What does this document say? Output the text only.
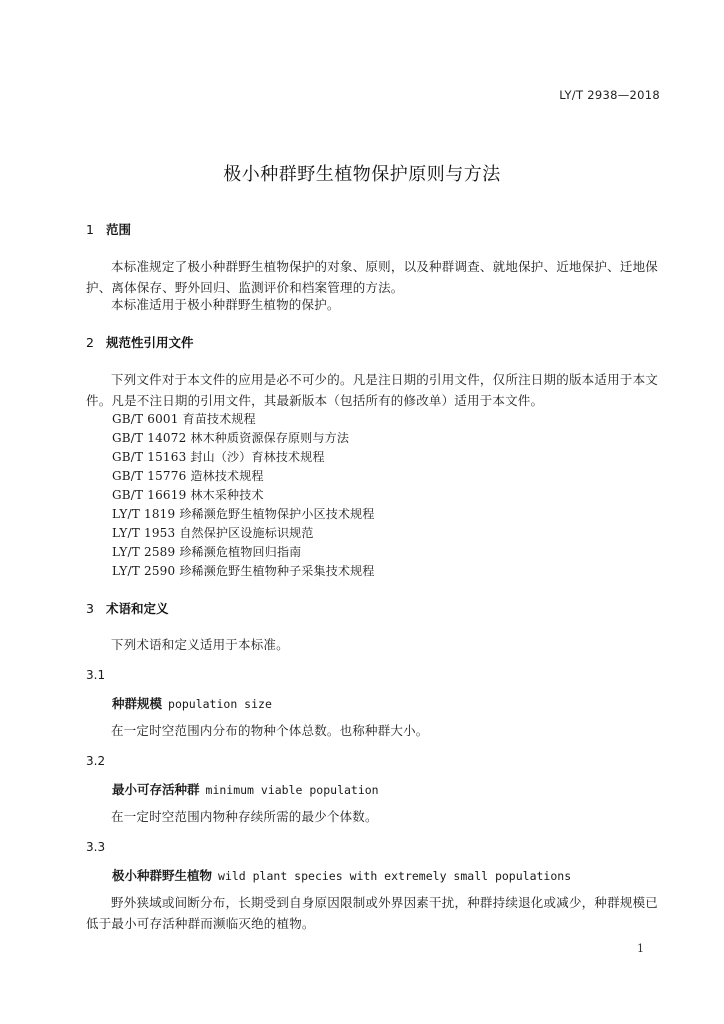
LY/T 2938—2018
极小种群野生植物保护原则与方法
1 范围
本标准规定了极小种群野生植物保护的对象、原则，以及种群调查、就地保护、近地保护、迁地保护、离体保存、野外回归、监测评价和档案管理的方法。
本标准适用于极小种群野生植物的保护。
2 规范性引用文件
下列文件对于本文件的应用是必不可少的。凡是注日期的引用文件，仅所注日期的版本适用于本文件。凡是不注日期的引用文件，其最新版本（包括所有的修改单）适用于本文件。
GB/T 6001 育苗技术规程
GB/T 14072 林木种质资源保存原则与方法
GB/T 15163 封山（沙）育林技术规程
GB/T 15776 造林技术规程
GB/T 16619 林木采种技术
LY/T 1819 珍稀濒危野生植物保护小区技术规程
LY/T 1953 自然保护区设施标识规范
LY/T 2589 珍稀濒危植物回归指南
LY/T 2590 珍稀濒危野生植物种子采集技术规程
3 术语和定义
下列术语和定义适用于本标准。
3.1
种群规模 population size
在一定时空范围内分布的物种个体总数。也称种群大小。
3.2
最小可存活种群 minimum viable population
在一定时空范围内物种存续所需的最少个体数。
3.3
极小种群野生植物 wild plant species with extremely small populations
野外狭域或间断分布，长期受到自身原因限制或外界因素干扰，种群持续退化或减少，种群规模已低于最小可存活种群而濒临灭绝的植物。
1
